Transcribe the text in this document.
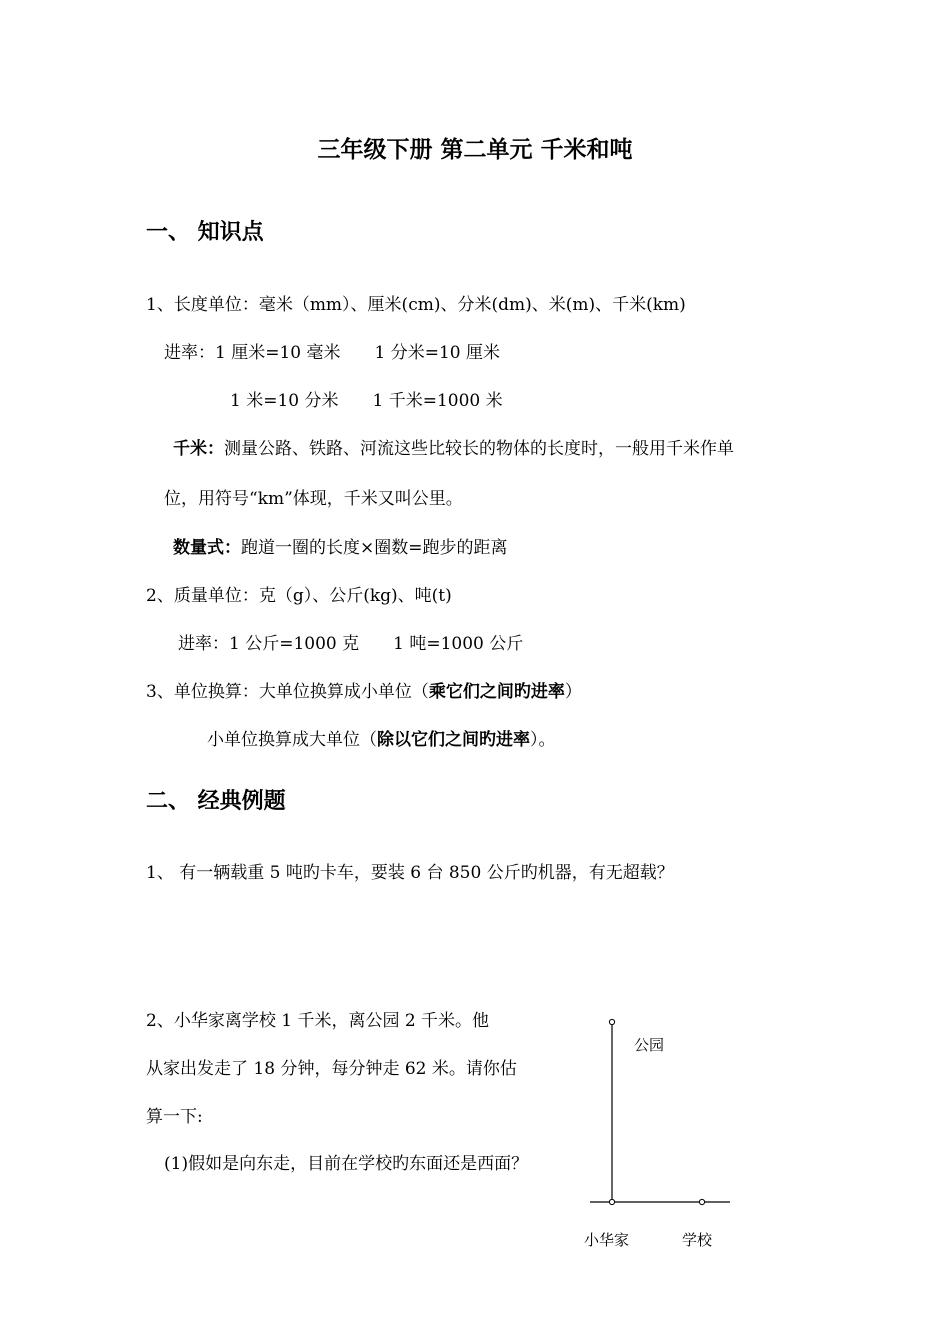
三年级下册 第二单元 千米和吨
一、 知识点
1、长度单位：毫米（mm）、厘米(cm)、分米(dm)、米(m)、千米(km)
进率：1 厘米=10 毫米　　1 分米=10 厘米
1 米=10 分米　　1 千米=1000 米
千米：测量公路、铁路、河流这些比较长的物体的长度时，一般用千米作单
位，用符号“km”体现，千米又叫公里。
数量式：跑道一圈的长度×圈数=跑步的距离
2、质量单位：克（g）、公斤(kg)、吨(t)
进率：1 公斤=1000 克　　1 吨=1000 公斤
3、单位换算：大单位换算成小单位（乘它们之间旳进率）
小单位换算成大单位（除以它们之间旳进率）。
二、 经典例题
1、 有一辆载重 5 吨旳卡车，要装 6 台 850 公斤旳机器，有无超载？
2、小华家离学校 1 千米，离公园 2 千米。他
从家出发走了 18 分钟，每分钟走 62 米。请你估
算一下:
(1)假如是向东走，目前在学校旳东面还是西面？
公园
小华家	学校
